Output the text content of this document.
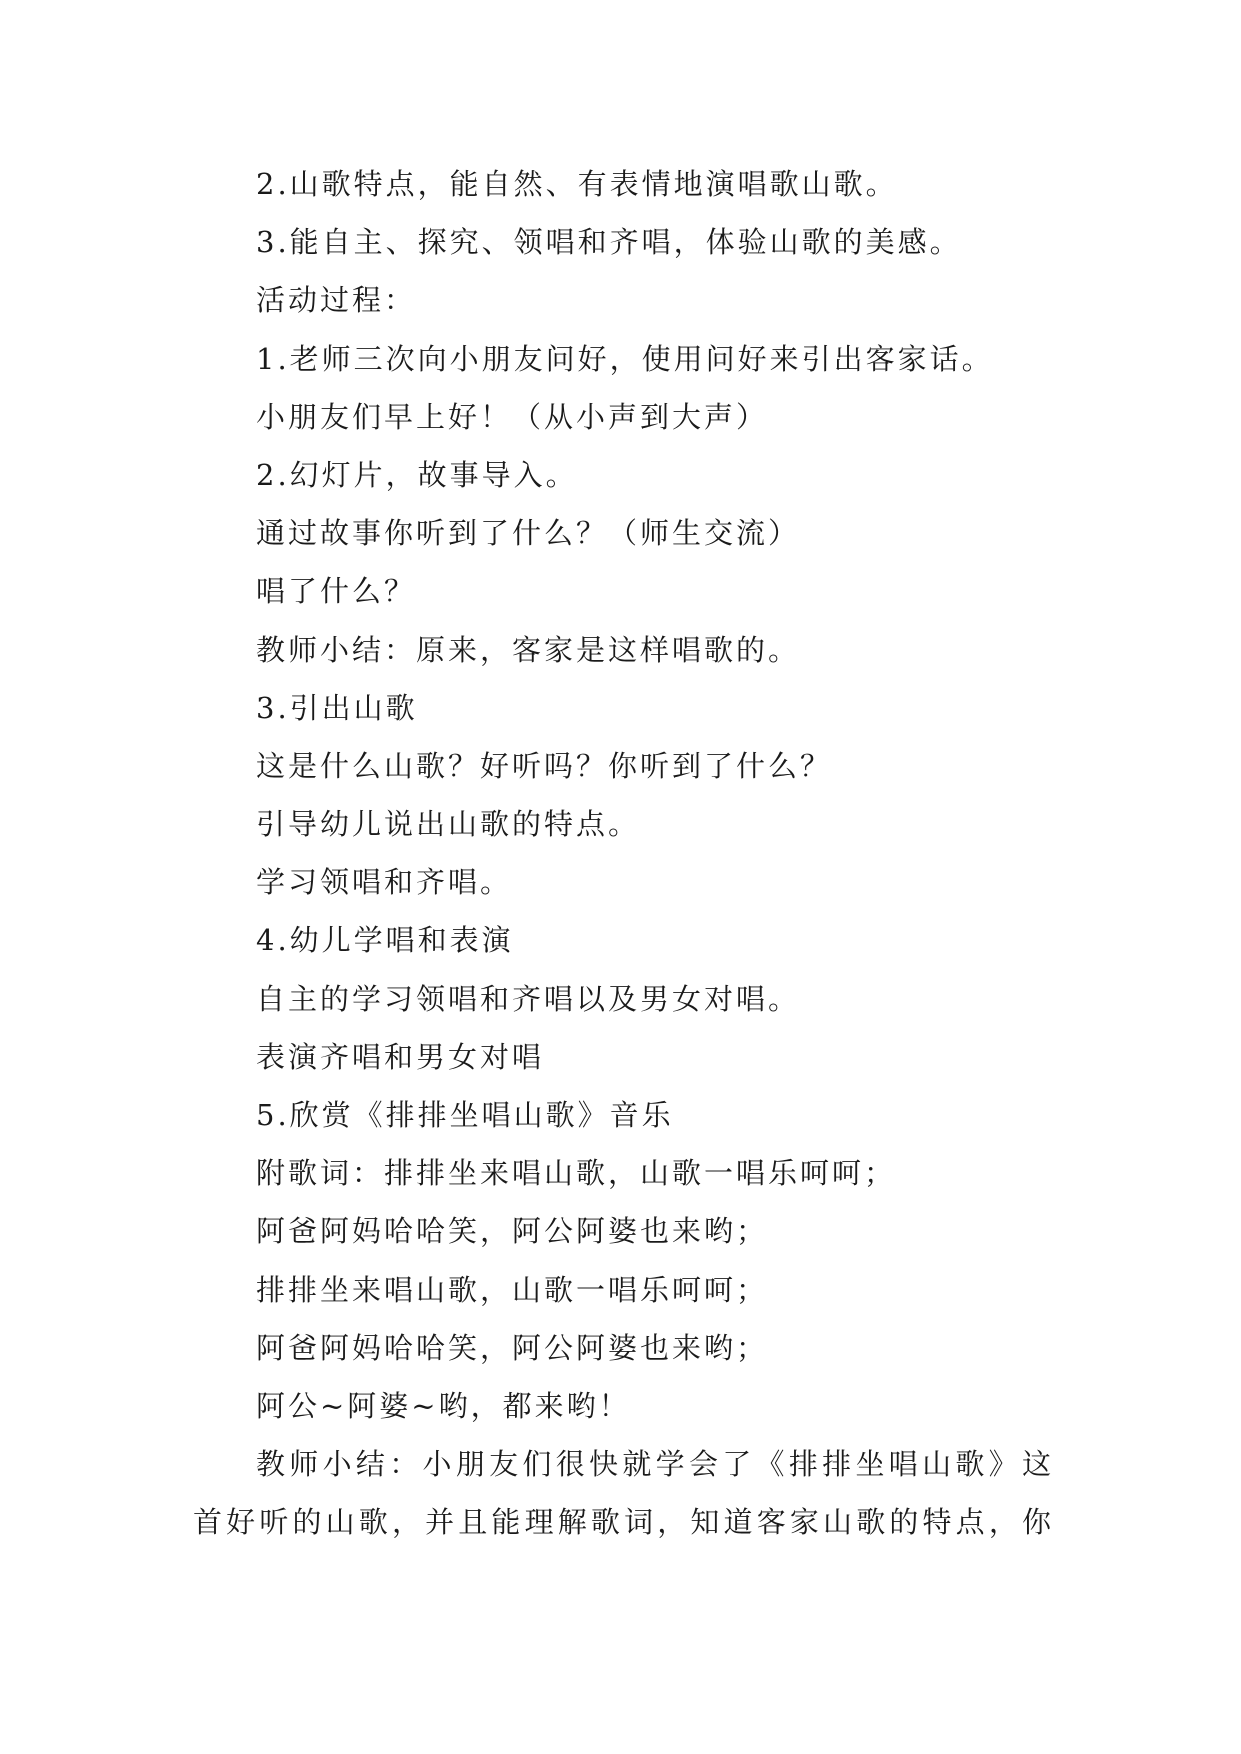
2.山歌特点，能自然、有表情地演唱歌山歌。
3.能自主、探究、领唱和齐唱，体验山歌的美感。
活动过程：
1.老师三次向小朋友问好，使用问好来引出客家话。
小朋友们早上好！（从小声到大声）
2.幻灯片，故事导入。
通过故事你听到了什么？（师生交流）
唱了什么？
教师小结：原来，客家是这样唱歌的。
3.引出山歌
这是什么山歌？好听吗？你听到了什么？
引导幼儿说出山歌的特点。
学习领唱和齐唱。
4.幼儿学唱和表演
自主的学习领唱和齐唱以及男女对唱。
表演齐唱和男女对唱
5.欣赏《排排坐唱山歌》音乐
附歌词：排排坐来唱山歌，山歌一唱乐呵呵；
阿爸阿妈哈哈笑，阿公阿婆也来哟；
排排坐来唱山歌，山歌一唱乐呵呵；
阿爸阿妈哈哈笑，阿公阿婆也来哟；
阿公~阿婆~哟，都来哟！
教师小结：小朋友们很快就学会了《排排坐唱山歌》这
首好听的山歌，并且能理解歌词，知道客家山歌的特点，你
